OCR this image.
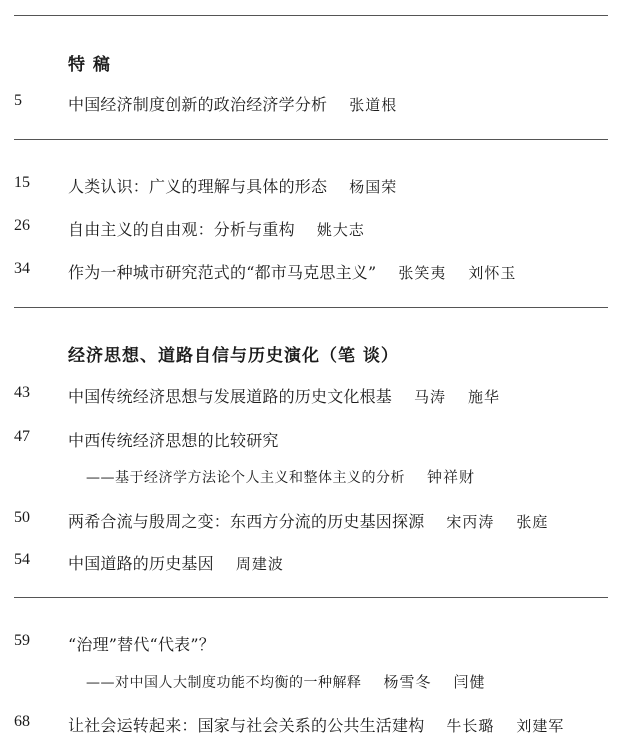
特 稿
5	中国经济制度创新的政治经济学分析 张道根
15 人类认识：广义的理解与具体的形态 杨国荣
26 自由主义的自由观：分析与重构 姚大志
34 作为一种城市研究范式的“都市马克思主义” 张笑夷 刘怀玉
经济思想、道路自信与历史演化（笔 谈）
43 中国传统经济思想与发展道路的历史文化根基 马涛 施华
47 中西传统经济思想的比较研究
——基于经济学方法论个人主义和整体主义的分析 钟祥财
50 两希合流与殷周之变：东西方分流的历史基因探源 宋丙涛 张庭
54 中国道路的历史基因 周建波
59 “治理”替代“代表”？
——对中国人大制度功能不均衡的一种解释 杨雪冬 闫健
68 让社会运转起来：国家与社会关系的公共生活建构 牛长璐 刘建军
